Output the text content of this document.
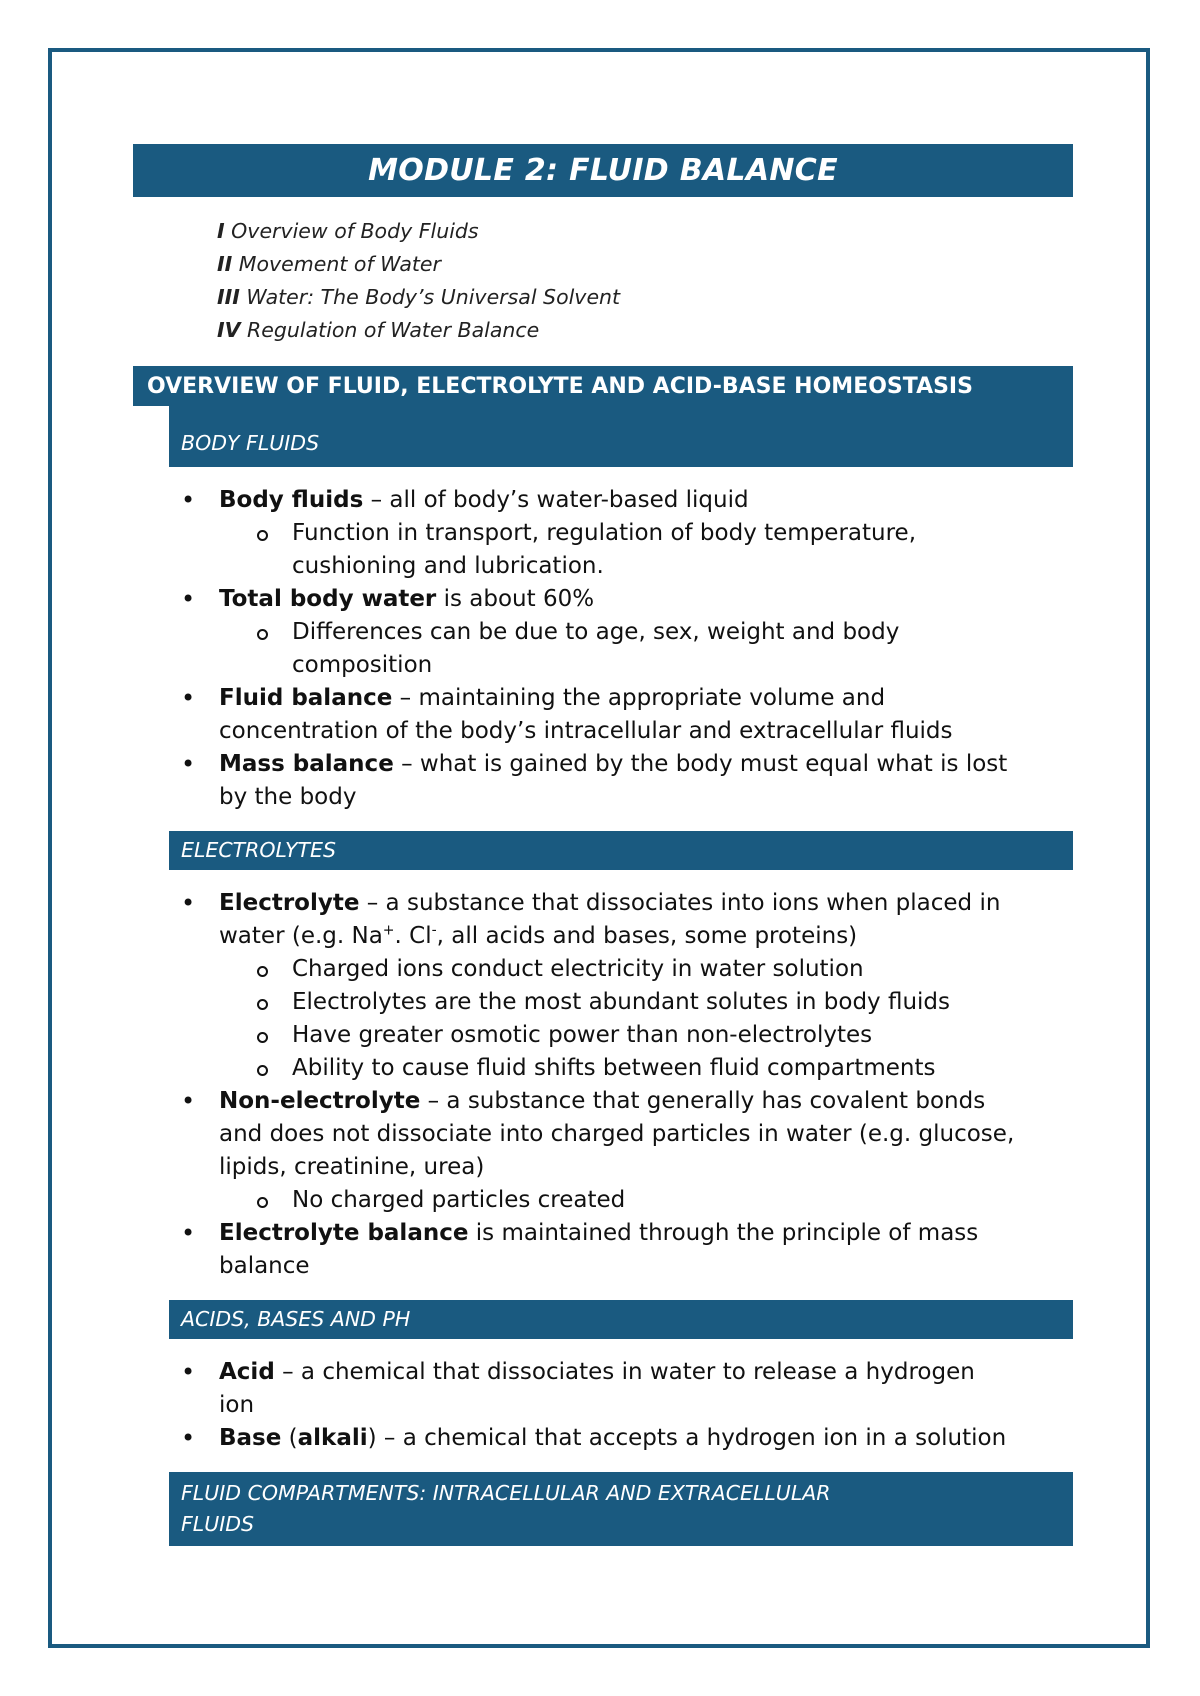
MODULE 2: FLUID BALANCE
I Overview of Body Fluids
II Movement of Water
III Water: The Body’s Universal Solvent
IV Regulation of Water Balance
OVERVIEW OF FLUID, ELECTROLYTE AND ACID-BASE HOMEOSTASIS
BODY FLUIDS
• Body fluids – all of body’s water-based liquid
Function in transport, regulation of body temperature,
cushioning and lubrication.
• Total body water is about 60%
Differences can be due to age, sex, weight and body
composition
• Fluid balance – maintaining the appropriate volume and
concentration of the body’s intracellular and extracellular fluids
• Mass balance – what is gained by the body must equal what is lost
by the body
ELECTROLYTES
• Electrolyte – a substance that dissociates into ions when placed in
water (e.g. Na+. Cl-, all acids and bases, some proteins)
Charged ions conduct electricity in water solution
Electrolytes are the most abundant solutes in body fluids
Have greater osmotic power than non-electrolytes
Ability to cause fluid shifts between fluid compartments
• Non-electrolyte – a substance that generally has covalent bonds
and does not dissociate into charged particles in water (e.g. glucose,
lipids, creatinine, urea)
No charged particles created
• Electrolyte balance is maintained through the principle of mass
balance
ACIDS, BASES AND PH
• Acid – a chemical that dissociates in water to release a hydrogen
ion
• Base (alkali) – a chemical that accepts a hydrogen ion in a solution
FLUID COMPARTMENTS: INTRACELLULAR AND EXTRACELLULAR
FLUIDS
